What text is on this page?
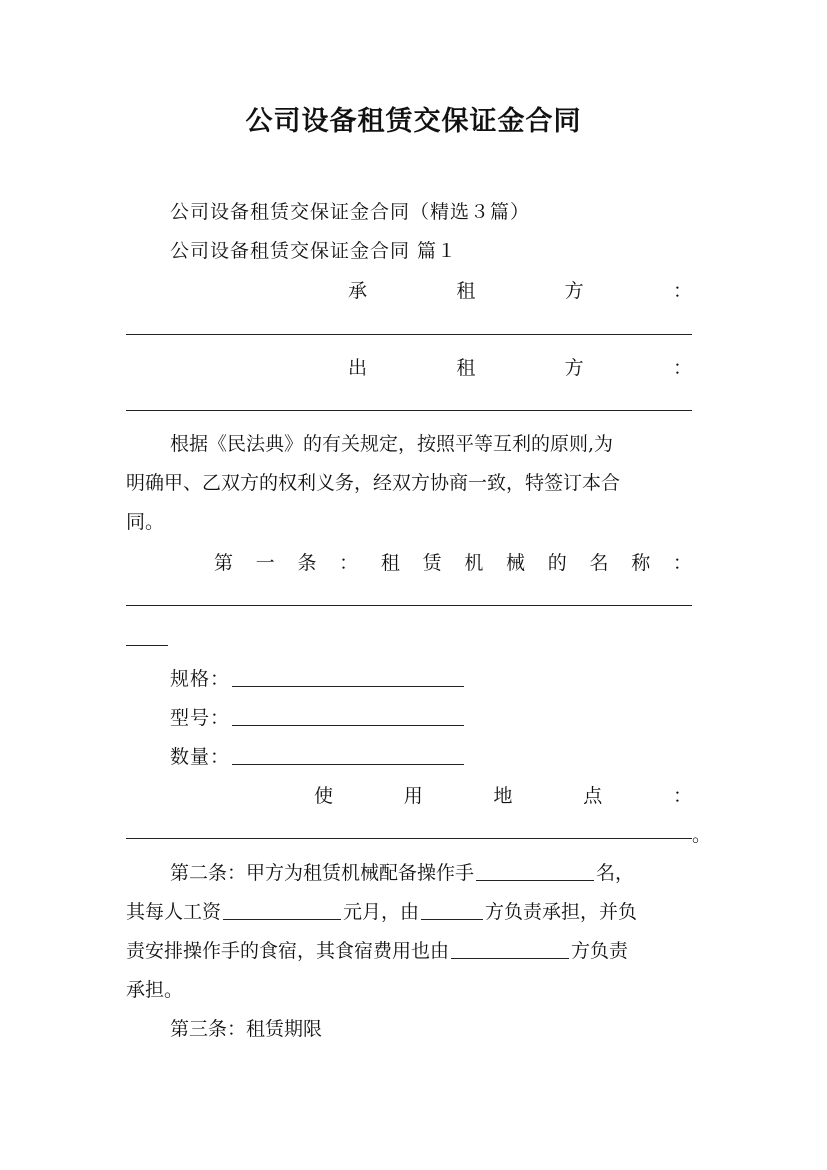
公司设备租赁交保证金合同
公司设备租赁交保证金合同（精选３篇）
公司设备租赁交保证金合同 篇１
承	租	方	：
出	租	方	：
根据《民法典》的有关规定，按照平等互利的原则,为
明确甲、乙双方的权利义务，经双方协商一致，特签订本合
同。
第 一 条 ： 租 赁 机 械 的 名 称 ：
规格：
型号：
数量：
使	用	地	点	：
。
第二条：甲方为租赁机械配备操作手	名，
其每人工资	元月，由	方负责承担，并负
责安排操作手的食宿，其食宿费用也由	方负责
承担。
第三条：租赁期限
